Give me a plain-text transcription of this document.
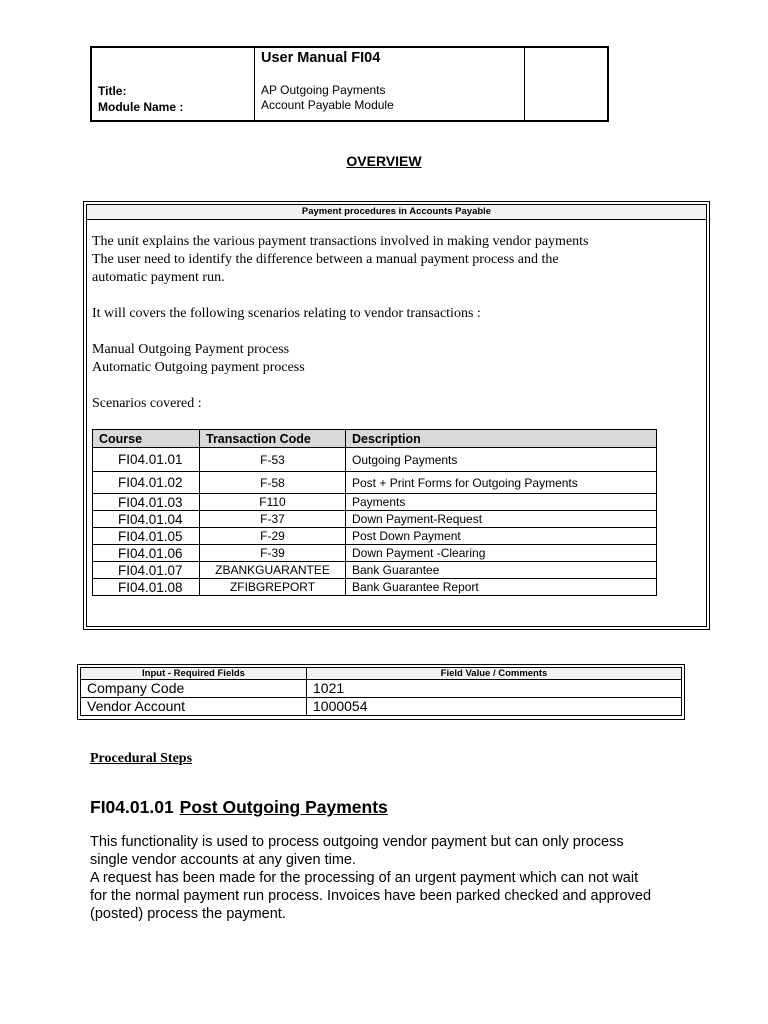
Title:
Module Name :
User Manual FI04
AP Outgoing Payments
Account Payable Module
OVERVIEW
Payment procedures in Accounts Payable

The unit explains the various payment transactions involved in making vendor payments

The user need to identify the difference between a manual payment process and the

automatic payment run.

It will covers the following scenarios relating to vendor transactions :

Manual Outgoing Payment process

Automatic Outgoing payment process

Scenarios covered :

Course	Transaction Code	Description
FI04.01.01	F-53	Outgoing Payments
FI04.01.02	F-58	Post + Print Forms for Outgoing Payments
FI04.01.03	F110	Payments
FI04.01.04	F-37	Down Payment-Request
FI04.01.05	F-29	Post Down Payment
FI04.01.06	F-39	Down Payment -Clearing
FI04.01.07	ZBANKGUARANTEE	Bank Guarantee
FI04.01.08	ZFIBGREPORT	Bank Guarantee Report
Input - Required Fields	Field Value / Comments
Company Code	1021
Vendor Account	1000054
Procedural Steps
FI04.01.01 Post Outgoing Payments

This functionality is used to process outgoing vendor payment but can only process

single vendor accounts at any given time.

A request has been made for the processing of an urgent payment which can not wait

for the normal payment run process. Invoices have been parked checked and approved

(posted) process the payment.
